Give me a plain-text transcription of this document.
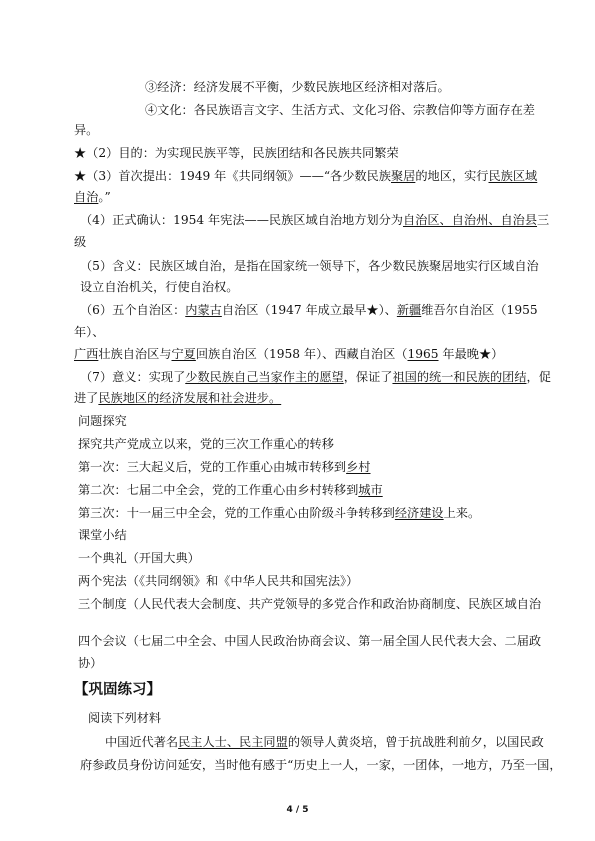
③经济：经济发展不平衡，少数民族地区经济相对落后。
④文化：各民族语言文字、生活方式、文化习俗、宗教信仰等方面存在差
异。
★（2）目的：为实现民族平等，民族团结和各民族共同繁荣
★（3）首次提出：1949 年《共同纲领》——“各少数民族聚居的地区，实行民族区域
自治。”
（4）正式确认：1954 年宪法——民族区域自治地方划分为自治区、自治州、自治县三
级
（5）含义：民族区域自治，是指在国家统一领导下，各少数民族聚居地实行区域自治
设立自治机关，行使自治权。
（6）五个自治区：内蒙古自治区（1947 年成立最早★）、新疆维吾尔自治区（1955
年）、
广西壮族自治区与宁夏回族自治区（1958 年）、西藏自治区（1965 年最晚★）
（7）意义：实现了少数民族自己当家作主的愿望，保证了祖国的统一和民族的团结，促
进了民族地区的经济发展和社会进步。
问题探究
探究共产党成立以来，党的三次工作重心的转移
第一次：三大起义后，党的工作重心由城市转移到乡村
第二次：七届二中全会，党的工作重心由乡村转移到城市
第三次：十一届三中全会，党的工作重心由阶级斗争转移到经济建设上来。
课堂小结
一个典礼（开国大典）
两个宪法（《共同纲领》和《中华人民共和国宪法》）
三个制度（人民代表大会制度、共产党领导的多党合作和政治协商制度、民族区域自治
四个会议（七届二中全会、中国人民政治协商会议、第一届全国人民代表大会、二届政
协）
【巩固练习】
阅读下列材料
中国近代著名民主人士、民主同盟的领导人黄炎培，曾于抗战胜利前夕，以国民政
府参政员身份访问延安，当时他有感于“历史上一人，一家，一团体，一地方，乃至一国，
4 / 5
